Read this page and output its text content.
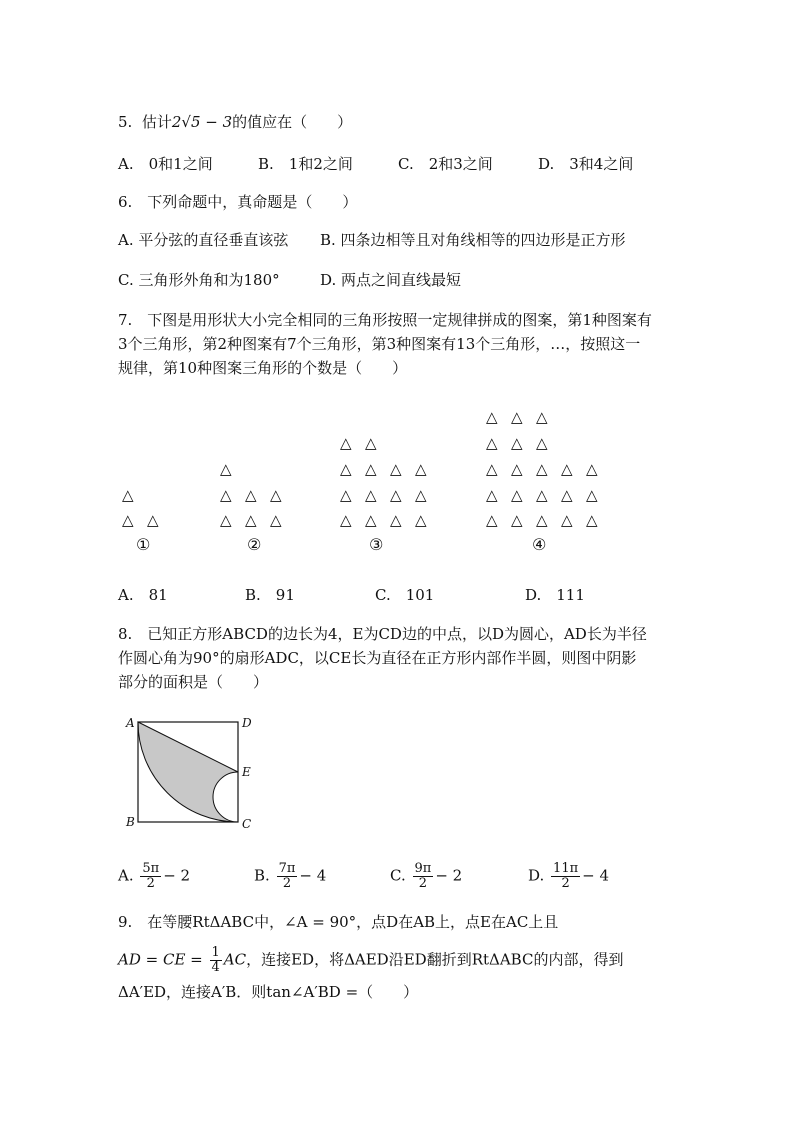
5. 估计2√5 − 3的值应在（　　）
A.　0和1之间	B.　1和2之间	C.　2和3之间	D.　3和4之间
6.　下列命题中，真命题是（　　）
A. 平分弦的直径垂直该弦 B. 四条边相等且对角线相等的四边形是正方形
C. 三角形外角和为180°	D. 两点之间直线最短
7.　下图是用形状大小完全相同的三角形按照一定规律拼成的图案，第1种图案有
3个三角形，第2种图案有7个三角形，第3种图案有13个三角形，…，按照这一
规律，第10种图案三角形的个数是（　　）
△
△ △
△
△
△
△
△
△
△
△ △
△ △ △ △
△ △ △ △
△ △ △ △
△ △ △
△ △ △
△ △ △ △ △
△ △ △ △ △
△ △ △ △ △
①	②	③	④
A.　81	B.　91	C.　101	D.　111
8.　已知正方形ABCD的边长为4，E为CD边的中点，以D为圆心，AD长为半径
作圆心角为90°的扇形ADC，以CE长为直径在正方形内部作半圆，则图中阴影
部分的面积是（　　）
A	D
E
B	C
A. $\frac{5\pi}{2} - 2$	B. $\frac{7\pi}{2} - 4$	C. $\frac{9\pi}{2} - 2$	D. $\frac{11\pi}{2} - 4$
9.　在等腰RtΔABC中，∠A = 90°，点D在AB上，点E在AC上且
AD = CE = $\frac{1}{4}$ AC，连接ED，将ΔAED沿ED翻折到RtΔABC的内部，得到
ΔA′ED，连接A′B．则tan∠A′BD =（　　）
